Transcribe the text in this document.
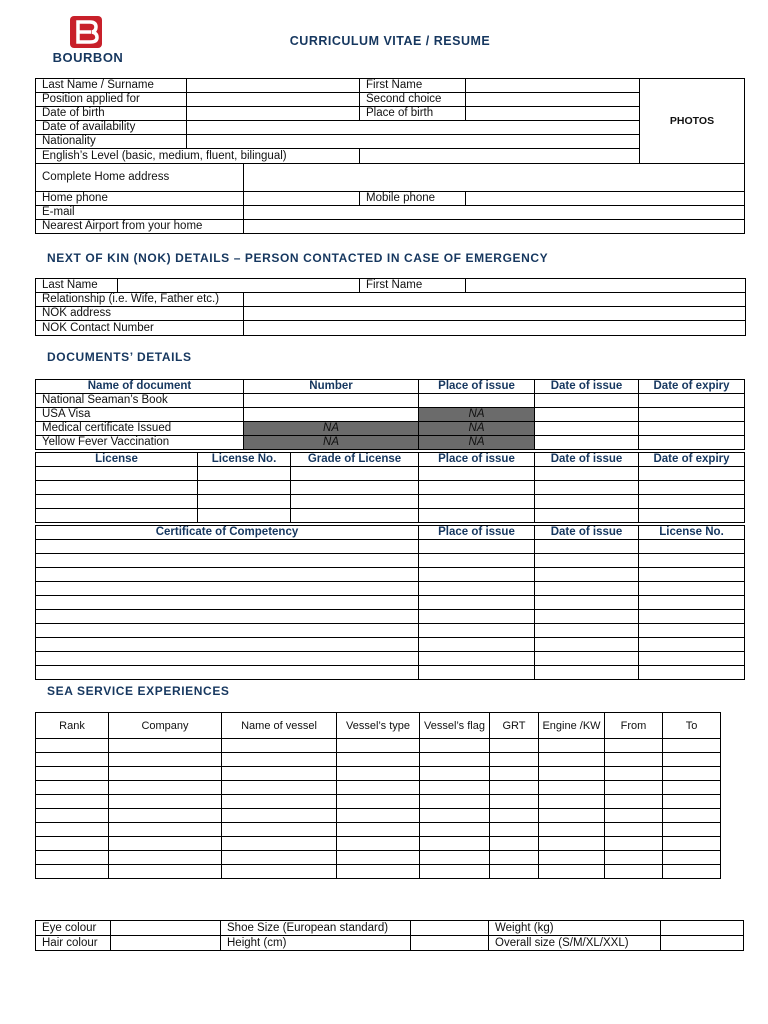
BOURBON
CURRICULUM VITAE / RESUME
Last Name / Surname			First Name		PHOTOS
Position applied for			Second choice		
Date of birth			Place of birth		
Date of availability					
Nationality					
English’s Level (basic, medium, fluent, bilingual)					
Complete Home address					
Home phone			Mobile phone		
E-mail					
Nearest Airport from your home					
NEXT OF KIN (NOK) DETAILS – PERSON CONTACTED IN CASE OF EMERGENCY
Last Name			First Name	
Relationship (i.e. Wife, Father etc.)				
NOK address				
NOK Contact Number				
DOCUMENTS’ DETAILS
Name of document	Number	Place of issue	Date of issue	Date of expiry
National Seaman’s Book				
USA Visa		NA		
Medical certificate Issued	NA	NA		
Yellow Fever Vaccination	NA	NA		
License	License No.	Grade of License	Place of issue	Date of issue	Date of expiry

Certificate of Competency	Place of issue	Date of issue	License No.

SEA SERVICE EXPERIENCES
Rank	Company	Name of vessel	Vessel’s type	Vessel’s flag	GRT	Engine /KW	From	To

Eye colour		Shoe Size (European standard)		Weight (kg)	
Hair colour		Height (cm)		Overall size (S/M/XL/XXL)	
